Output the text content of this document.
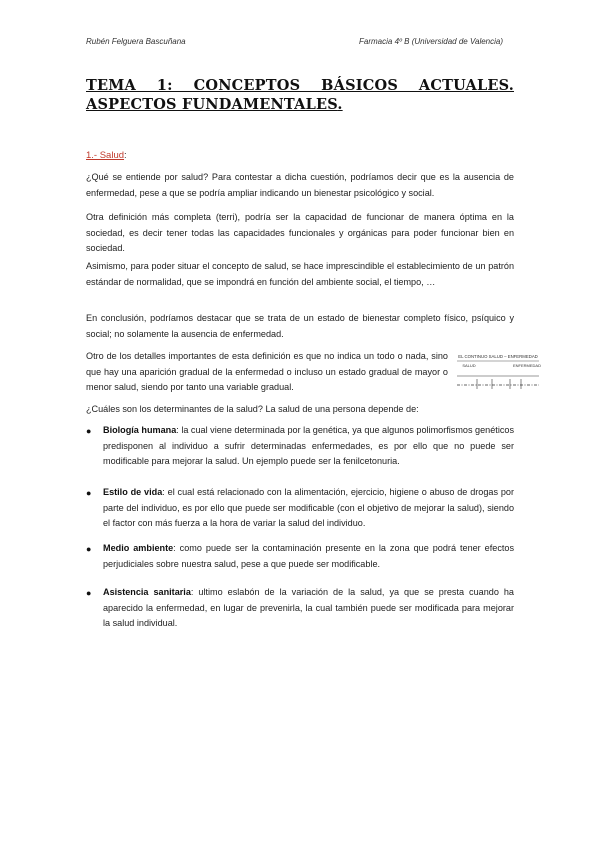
Rubén Felguera Bascuñana	Farmacia 4º B (Universidad de Valencia)
TEMA 1: CONCEPTOS BÁSICOS ACTUALES. ASPECTOS FUNDAMENTALES.
1.- Salud:

¿Qué se entiende por salud? Para contestar a dicha cuestión, podríamos decir que es la ausencia de enfermedad, pese a que se podría ampliar indicando un bienestar psicológico y social.

Otra definición más completa (terri), podría ser la capacidad de funcionar de manera óptima en la sociedad, es decir tener todas las capacidades funcionales y orgánicas para poder funcionar bien en sociedad.

Asimismo, para poder situar el concepto de salud, se hace imprescindible el establecimiento de un patrón estándar de normalidad, que se impondrá en función del ambiente social, el tiempo, …

En conclusión, podríamos destacar que se trata de un estado de bienestar completo físico, psíquico y social; no solamente la ausencia de enfermedad.

Otro de los detalles importantes de esta definición es que no indica un todo o nada, sino que hay una aparición gradual de la enfermedad o incluso un estado gradual de mayor o menor salud, siendo por tanto una variable gradual.

EL CONTINUO SALUD – ENFERMEDAD
SALUD	ENFERMEDAD

¿Cuáles son los determinantes de la salud? La salud de una persona depende de:

● Biología humana: la cual viene determinada por la genética, ya que algunos polimorfismos genéticos predisponen al individuo a sufrir determinadas enfermedades, es por ello que no puede ser modificable para mejorar la salud. Un ejemplo puede ser la fenilcetonuria.
● Estilo de vida: el cual está relacionado con la alimentación, ejercicio, higiene o abuso de drogas por parte del individuo, es por ello que puede ser modificable (con el objetivo de mejorar la salud), siendo el factor con más fuerza a la hora de variar la salud del individuo.
● Medio ambiente: como puede ser la contaminación presente en la zona que podrá tener efectos perjudiciales sobre nuestra salud, pese a que puede ser modificable.
● Asistencia sanitaria: ultimo eslabón de la variación de la salud, ya que se presta cuando ha aparecido la enfermedad, en lugar de prevenirla, la cual también puede ser modificada para mejorar la salud individual.
